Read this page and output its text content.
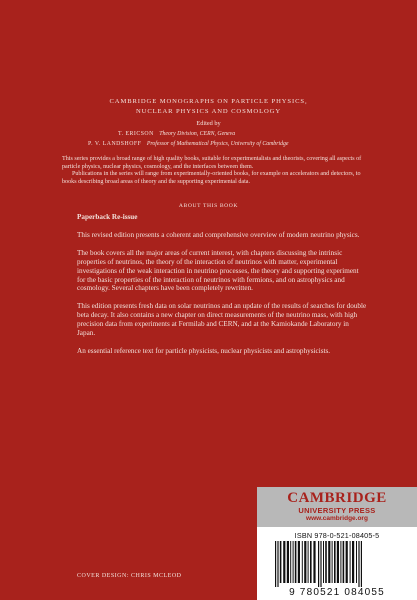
CAMBRIDGE MONOGRAPHS ON PARTICLE PHYSICS,
NUCLEAR PHYSICS AND COSMOLOGY
Edited by
T. ERICSON Theory Division, CERN, Geneva
P. V. LANDSHOFF Professor of Mathematical Physics, University of Cambridge

This series provides a broad range of high quality books, suitable for experimentalists and theorists, covering all aspects of particle physics, nuclear physics, cosmology, and the interfaces between them.

Publications in the series will range from experimentally-oriented books, for example on accelerators and detectors, to books describing broad areas of theory and the supporting experimental data.

ABOUT THIS BOOK

Paperback Re-issue

This revised edition presents a coherent and comprehensive overview of modern neutrino physics.

The book covers all the major areas of current interest, with chapters discussing the intrinsic properties of neutrinos, the theory of the interaction of neutrinos with matter, experimental investigations of the weak interaction in neutrino processes, the theory and supporting experiment for the basic properties of the interaction of neutrinos with fermions, and on astrophysics and cosmology. Several chapters have been completely rewritten.

This edition presents fresh data on solar neutrinos and an update of the results of searches for double beta decay. It also contains a new chapter on direct measurements of the neutrino mass, with high precision data from experiments at Fermilab and CERN, and at the Kamiokande Laboratory in Japan.

An essential reference text for particle physicists, nuclear physicists and astrophysicists.

COVER DESIGN: CHRIS MCLEOD
CAMBRIDGE
UNIVERSITY PRESS
www.cambridge.org
ISBN 978-0-521-08405-5
9 780521 084055
